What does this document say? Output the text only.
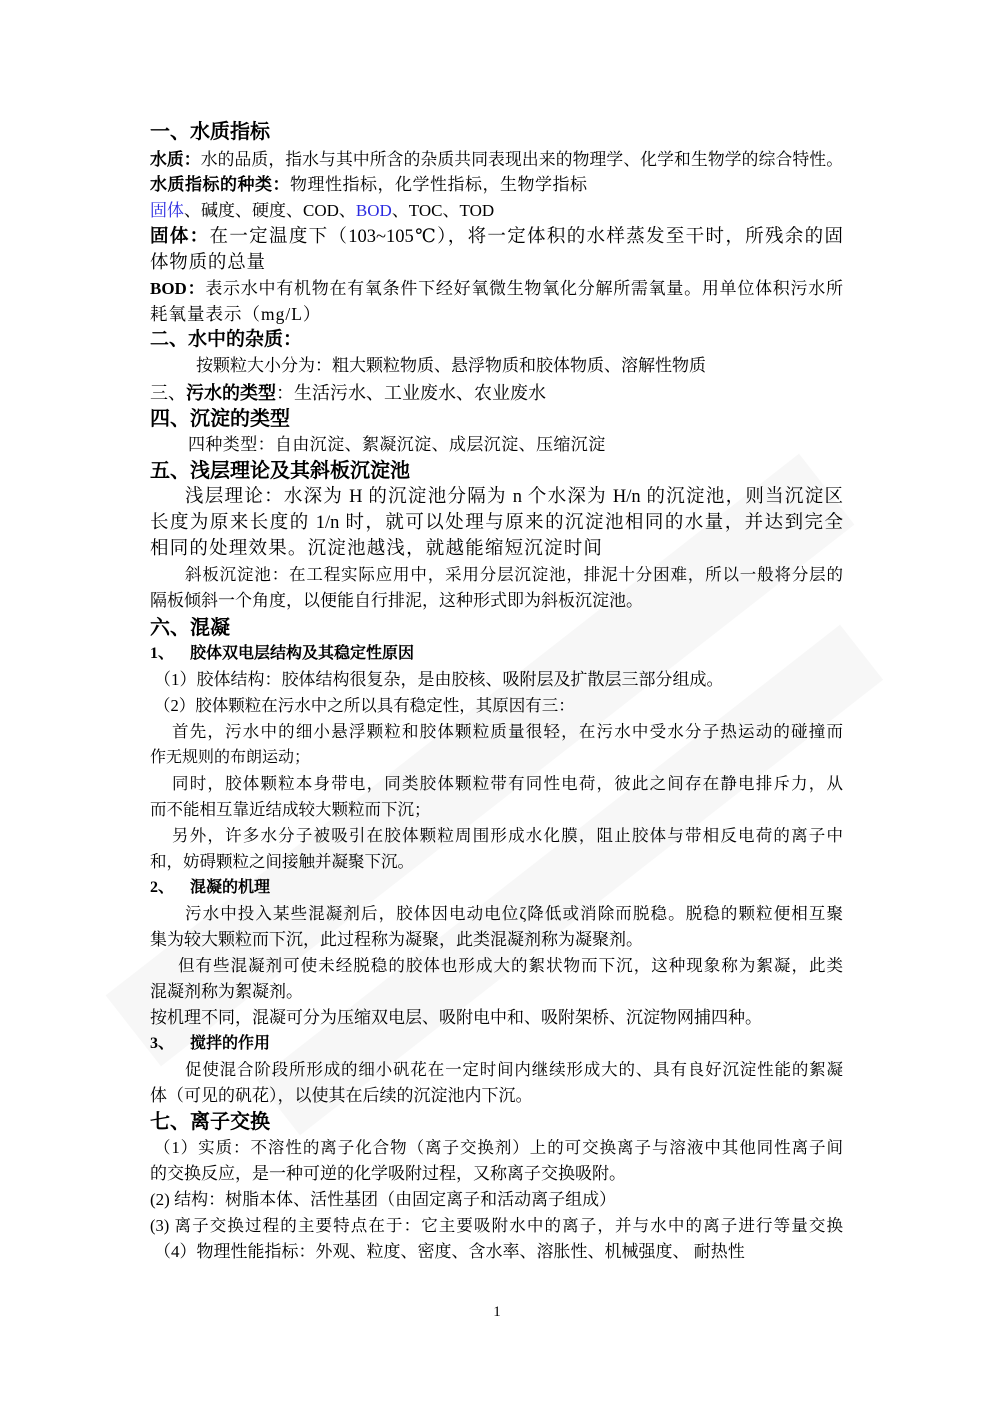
一、水质指标
水质：水的品质，指水与其中所含的杂质共同表现出来的物理学、化学和生物学的综合特性。
水质指标的种类：物理性指标，化学性指标，生物学指标
固体、碱度、硬度、COD、BOD、TOC、TOD
固体：在一定温度下（103~105℃），将一定体积的水样蒸发至干时，所残余的固
体物质的总量
BOD：表示水中有机物在有氧条件下经好氧微生物氧化分解所需氧量。用单位体积污水所
耗氧量表示（mg/L）
二、水中的杂质：
按颗粒大小分为：粗大颗粒物质、悬浮物质和胶体物质、溶解性物质
三、污水的类型：生活污水、工业废水、农业废水
四、沉淀的类型
四种类型：自由沉淀、絮凝沉淀、成层沉淀、压缩沉淀
五、浅层理论及其斜板沉淀池
浅层理论：水深为 H 的沉淀池分隔为 n 个水深为 H/n 的沉淀池，则当沉淀区
长度为原来长度的 1/n 时，就可以处理与原来的沉淀池相同的水量，并达到完全
相同的处理效果。沉淀池越浅，就越能缩短沉淀时间
斜板沉淀池：在工程实际应用中，采用分层沉淀池，排泥十分困难，所以一般将分层的
隔板倾斜一个角度，以便能自行排泥，这种形式即为斜板沉淀池。
六、混凝
1、 胶体双电层结构及其稳定性原因
（1）胶体结构：胶体结构很复杂，是由胶核、吸附层及扩散层三部分组成。
（2）胶体颗粒在污水中之所以具有稳定性，其原因有三：
首先，污水中的细小悬浮颗粒和胶体颗粒质量很轻，在污水中受水分子热运动的碰撞而
作无规则的布朗运动；
同时，胶体颗粒本身带电，同类胶体颗粒带有同性电荷，彼此之间存在静电排斥力，从
而不能相互靠近结成较大颗粒而下沉；
另外，许多水分子被吸引在胶体颗粒周围形成水化膜，阻止胶体与带相反电荷的离子中
和，妨碍颗粒之间接触并凝聚下沉。
2、 混凝的机理
污水中投入某些混凝剂后，胶体因电动电位ζ降低或消除而脱稳。脱稳的颗粒便相互聚
集为较大颗粒而下沉，此过程称为凝聚，此类混凝剂称为凝聚剂。
但有些混凝剂可使未经脱稳的胶体也形成大的絮状物而下沉，这种现象称为絮凝，此类
混凝剂称为絮凝剂。
按机理不同，混凝可分为压缩双电层、吸附电中和、吸附架桥、沉淀物网捕四种。
3、 搅拌的作用
促使混合阶段所形成的细小矾花在一定时间内继续形成大的、具有良好沉淀性能的絮凝
体（可见的矾花），以使其在后续的沉淀池内下沉。
七、离子交换
（1）实质：不溶性的离子化合物（离子交换剂）上的可交换离子与溶液中其他同性离子间
的交换反应，是一种可逆的化学吸附过程，又称离子交换吸附。
(2) 结构：树脂本体、活性基团（由固定离子和活动离子组成）
(3) 离子交换过程的主要特点在于：它主要吸附水中的离子，并与水中的离子进行等量交换
（4）物理性能指标：外观、粒度、密度、含水率、溶胀性、机械强度、 耐热性
1
